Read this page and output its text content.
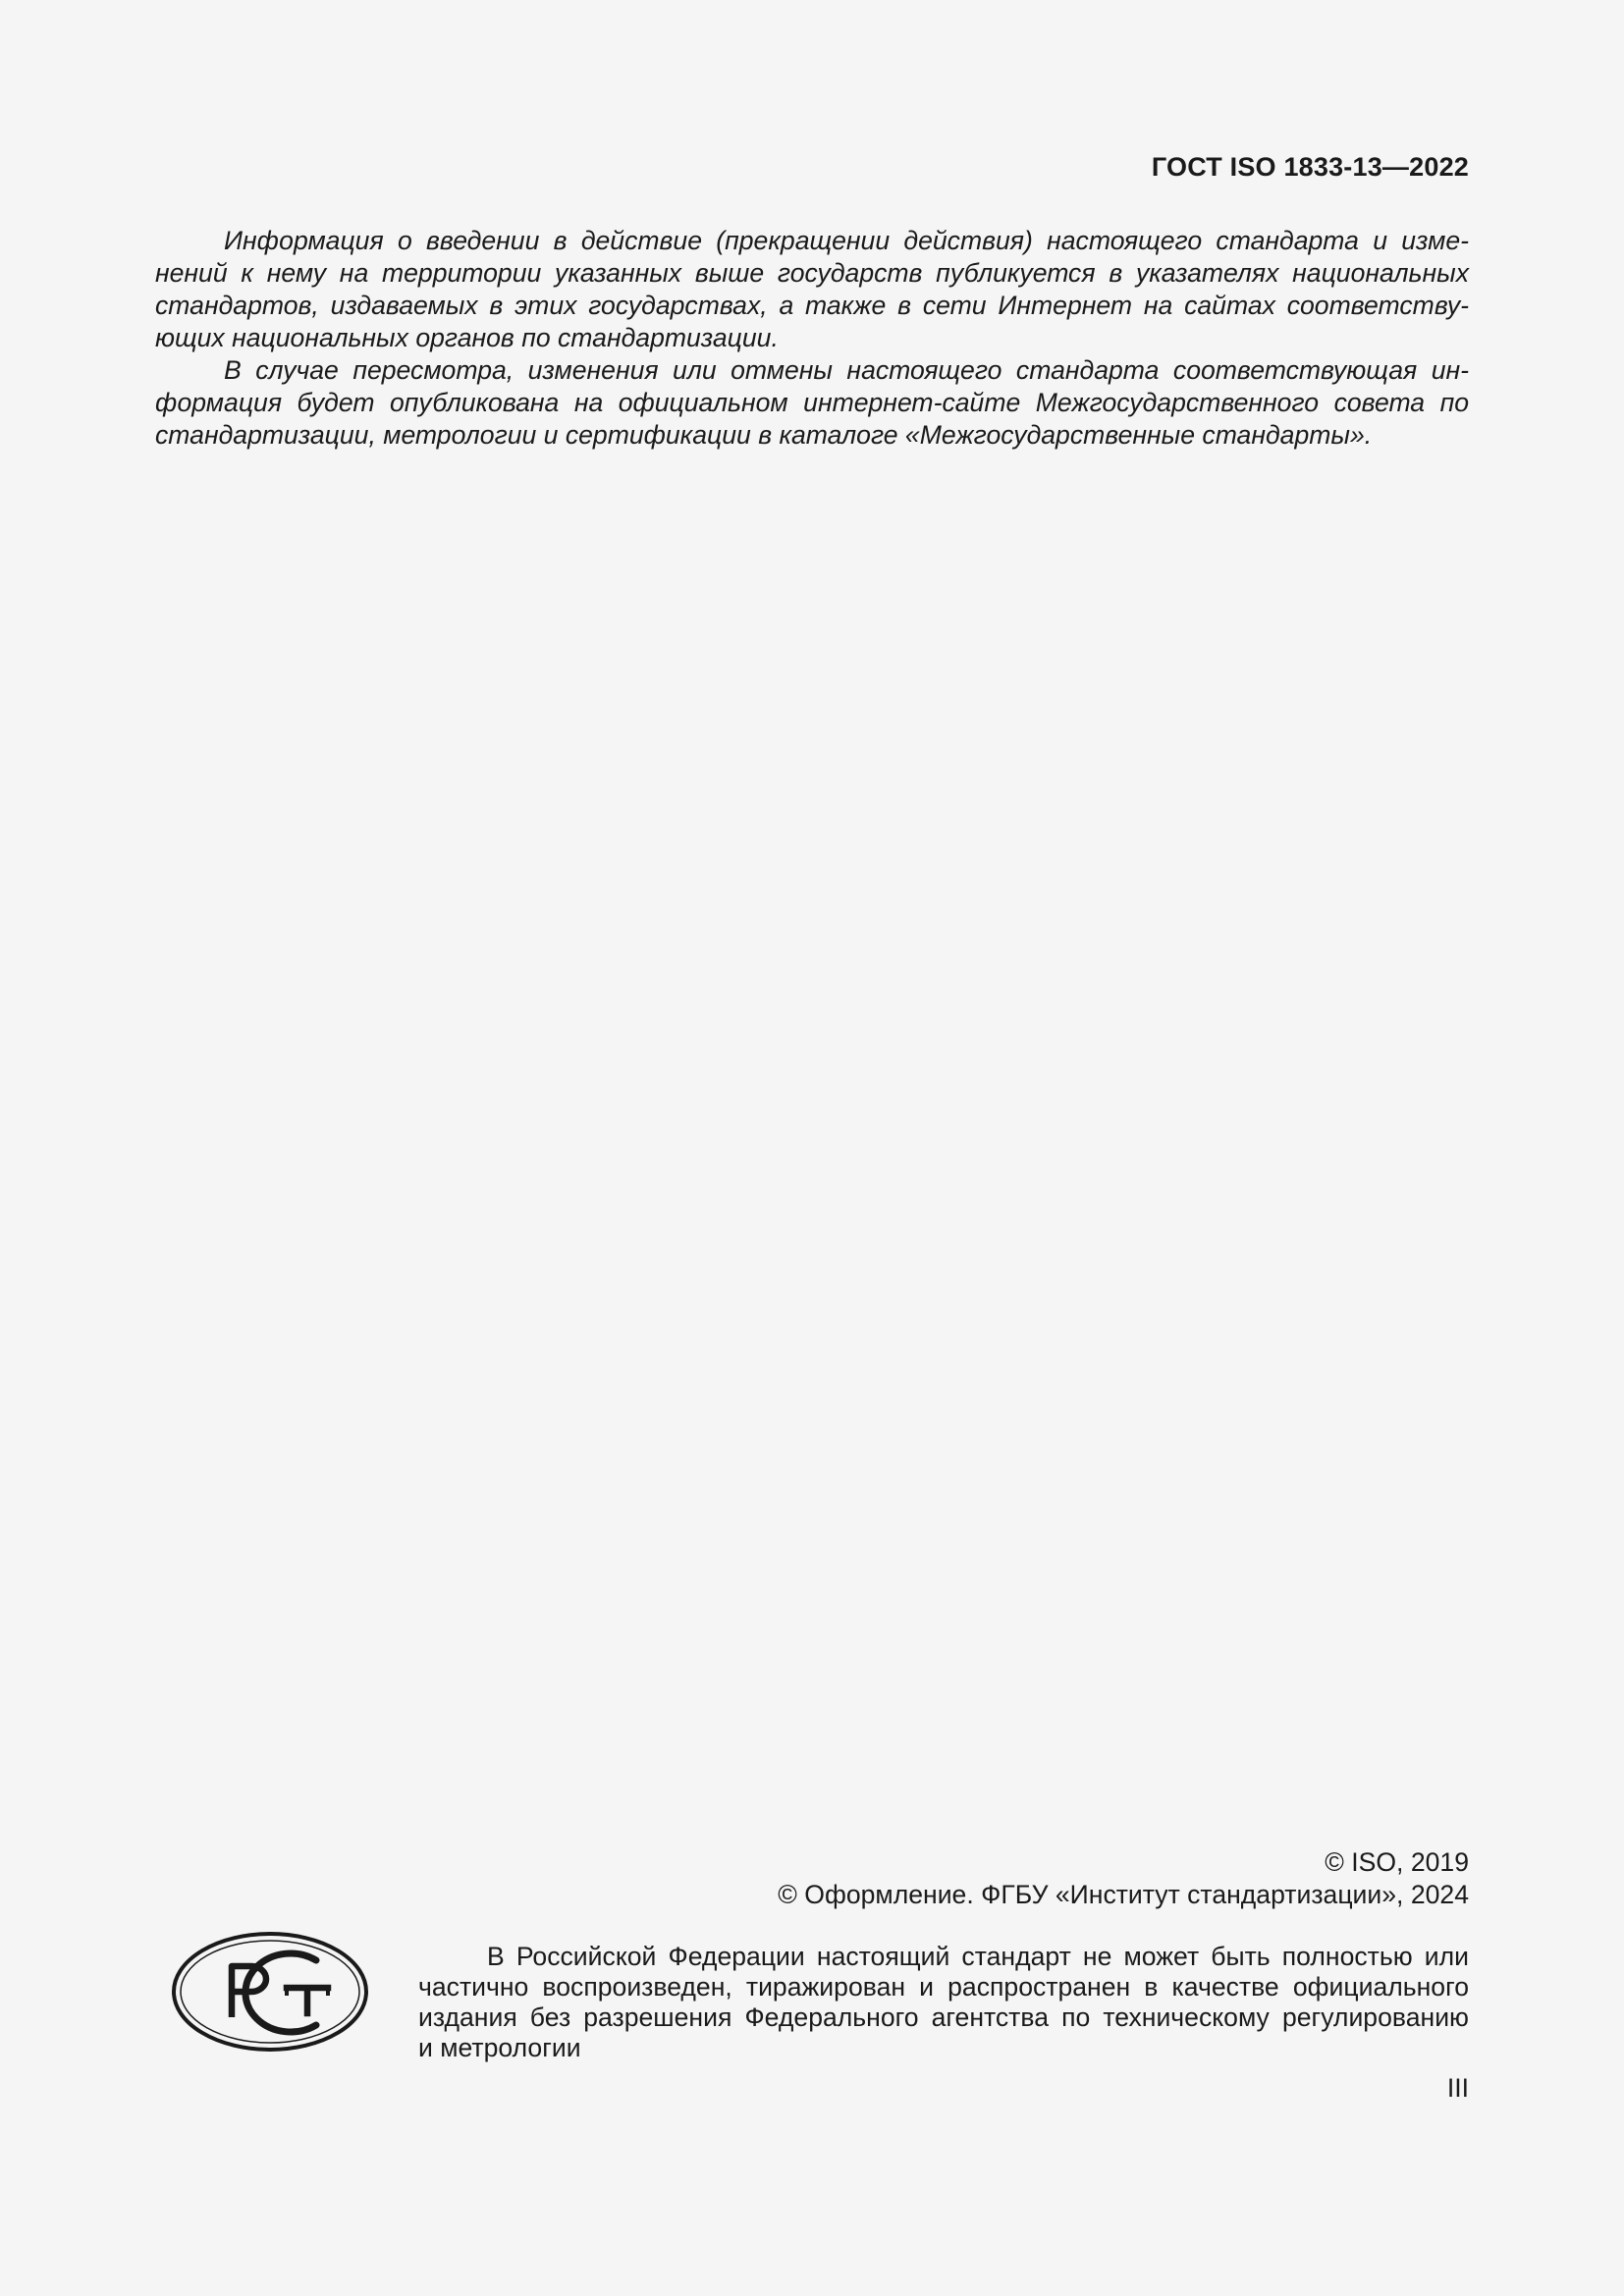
ГОСТ ISO 1833-13—2022
Информация о введении в действие (прекращении действия) настоящего стандарта и изме-
нений к нему на территории указанных выше государств публикуется в указателях национальных
стандартов, издаваемых в этих государствах, а также в сети Интернет на сайтах соответству-
ющих национальных органов по стандартизации.
В случае пересмотра, изменения или отмены настоящего стандарта соответствующая ин-
формация будет опубликована на официальном интернет-сайте Межгосударственного совета по
стандартизации, метрологии и сертификации в каталоге «Межгосударственные стандарты».
© ISO, 2019
© Оформление. ФГБУ «Институт стандартизации», 2024
В Российской Федерации настоящий стандарт не может быть полностью или
частично воспроизведен, тиражирован и распространен в качестве официального
издания без разрешения Федерального агентства по техническому регулированию
и метрологии
III
